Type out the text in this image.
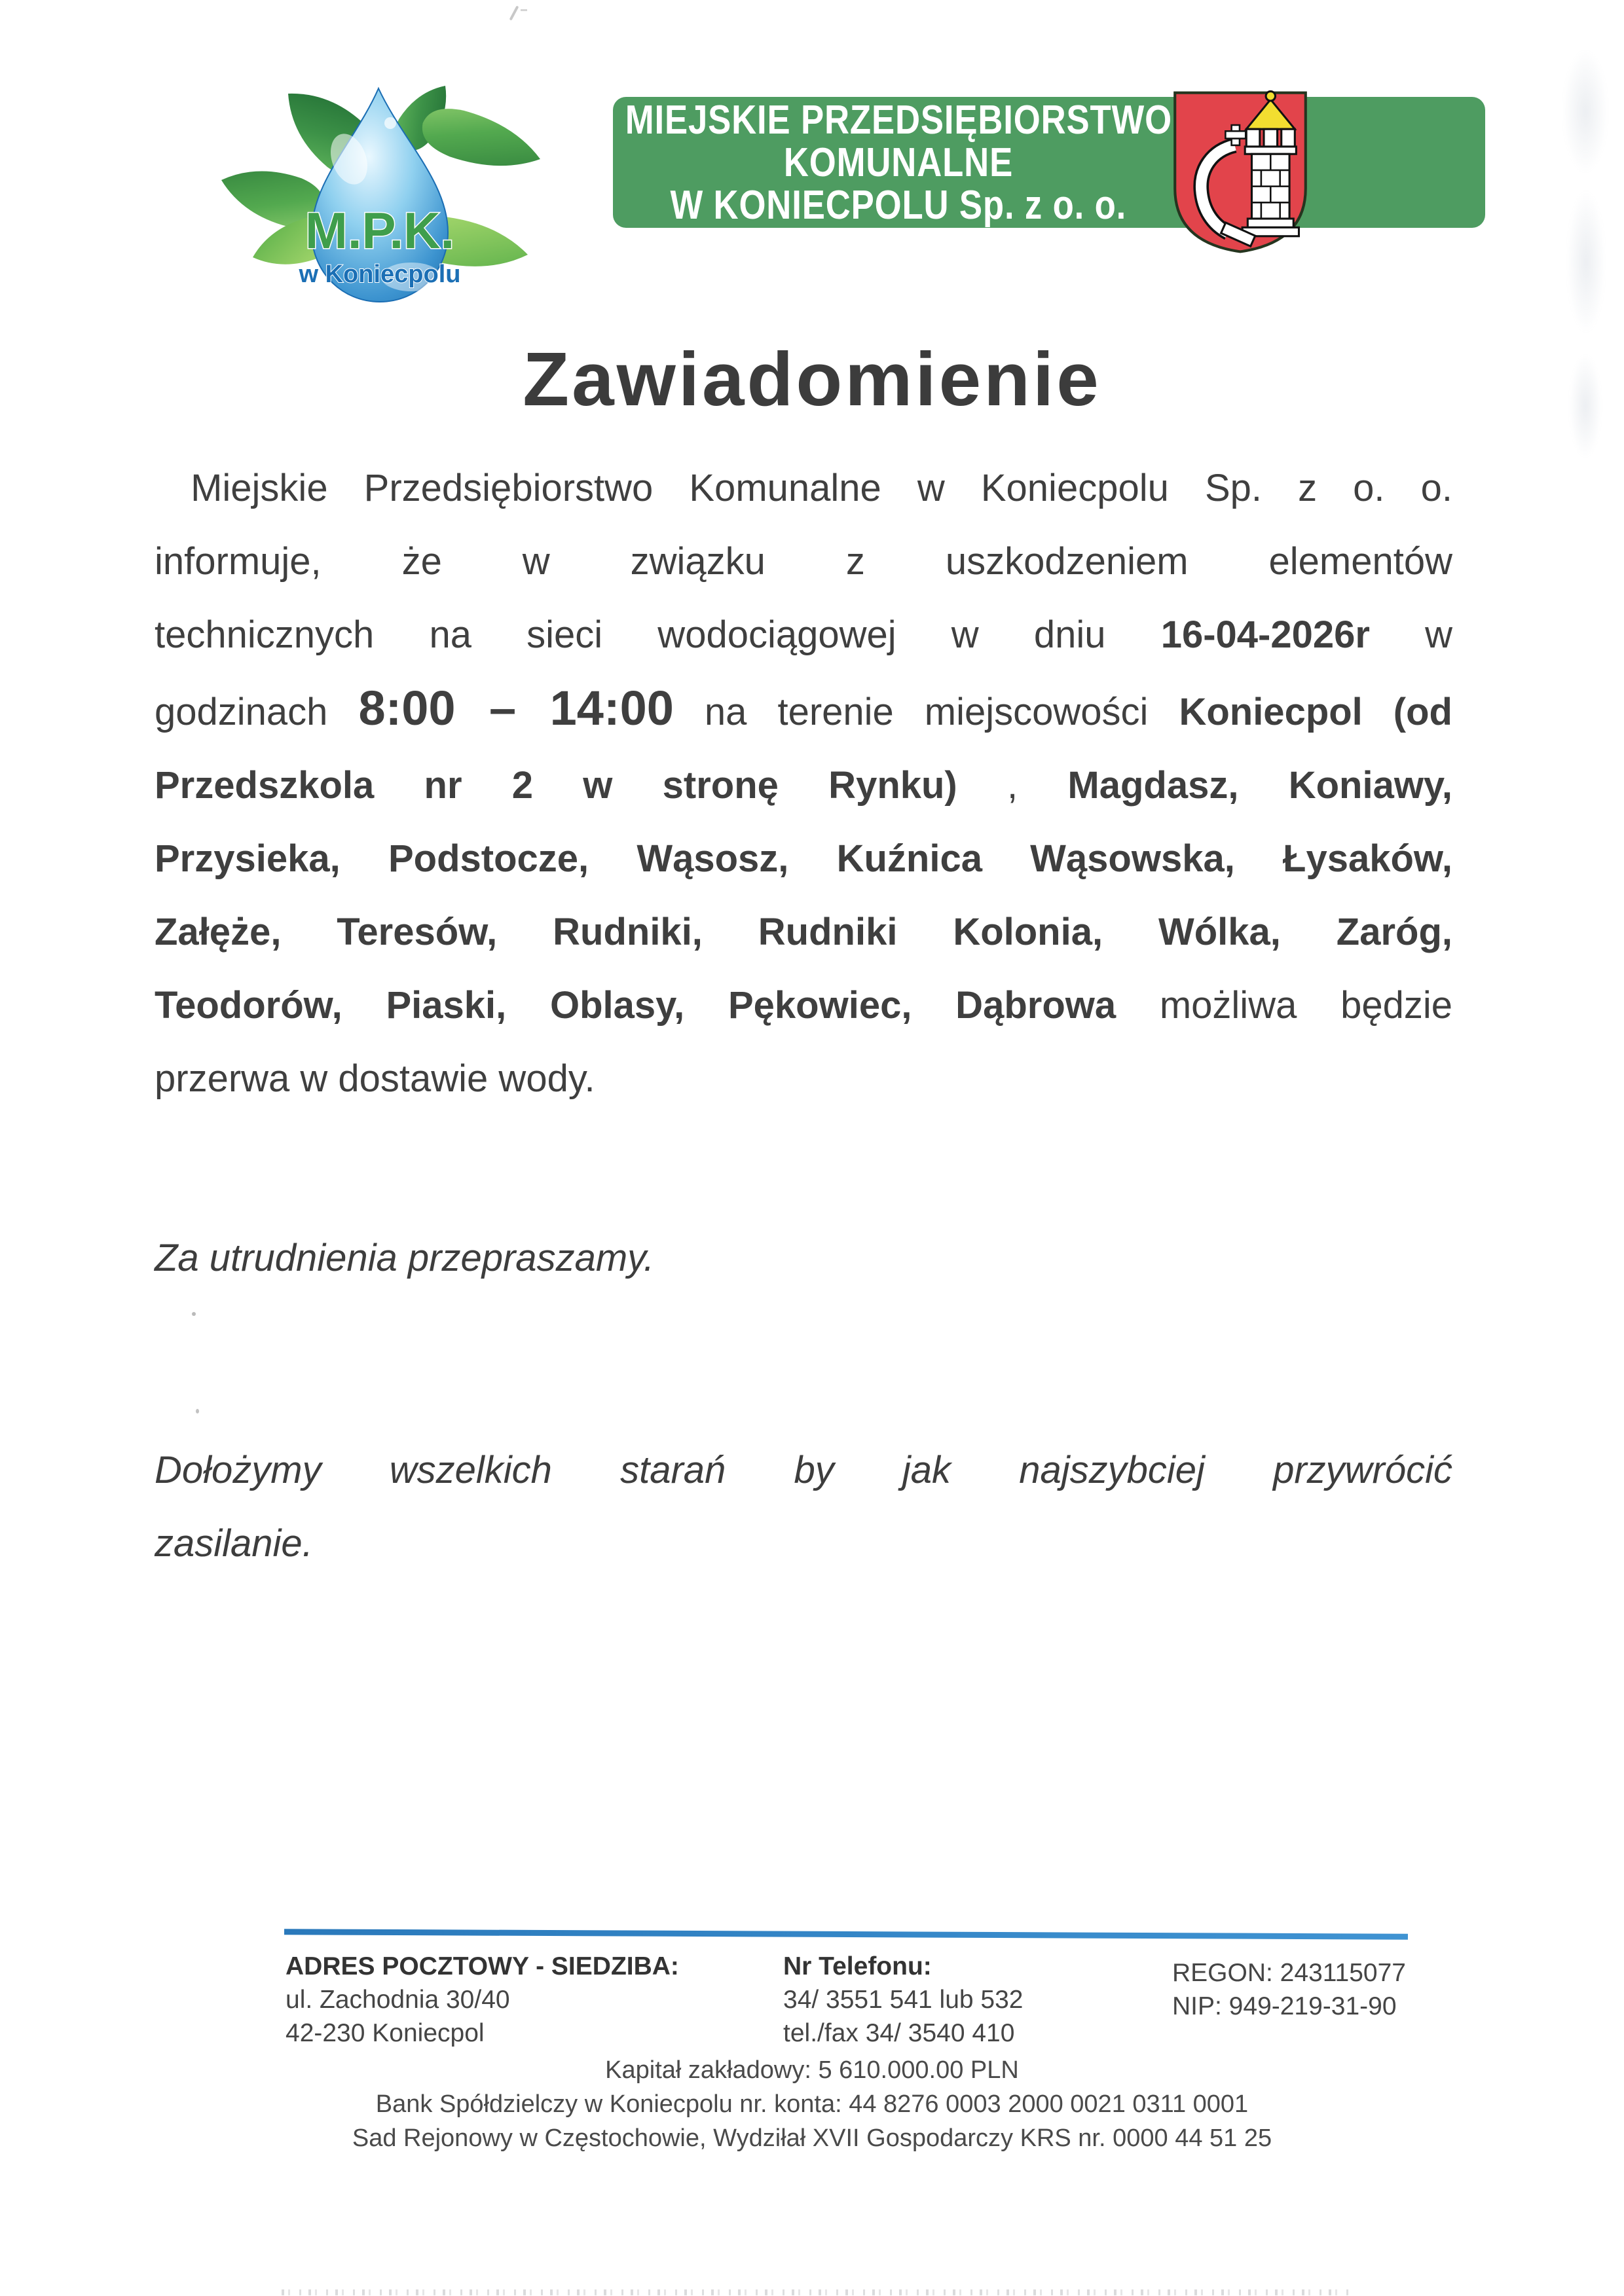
M.P.K.
w Koniecpolu
MIEJSKIE PRZEDSIĘBIORSTWO
KOMUNALNE
W KONIECPOLU Sp. z o. o.
Zawiadomienie
Miejskie Przedsiębiorstwo Komunalne w Koniecpolu Sp. z o. o.
informuje, że w związku z uszkodzeniem elementów
technicznych na sieci wodociągowej w dniu 16-04-2026r w
godzinach 8:00 – 14:00 na terenie miejscowości Koniecpol (od
Przedszkola nr 2 w stronę Rynku) , Magdasz, Koniawy,
Przysieka, Podstocze, Wąsosz, Kuźnica Wąsowska, Łysaków,
Załęże, Teresów, Rudniki, Rudniki Kolonia, Wólka, Zaróg,
Teodorów, Piaski, Oblasy, Pękowiec, Dąbrowa możliwa będzie
przerwa w dostawie wody.
Za utrudnienia przepraszamy.
Dołożymy wszelkich starań by jak najszybciej przywrócić
zasilanie.
ADRES POCZTOWY - SIEDZIBA:
ul. Zachodnia 30/40
42-230 Koniecpol
Nr Telefonu:
34/ 3551 541 lub 532
tel./fax 34/ 3540 410
REGON: 243115077
NIP: 949-219-31-90
Kapitał zakładowy: 5 610.000.00 PLN
Bank Spółdzielczy w Koniecpolu nr. konta: 44 8276 0003 2000 0021 0311 0001
Sad Rejonowy w Częstochowie, Wydziłał XVII Gospodarczy KRS nr. 0000 44 51 25
